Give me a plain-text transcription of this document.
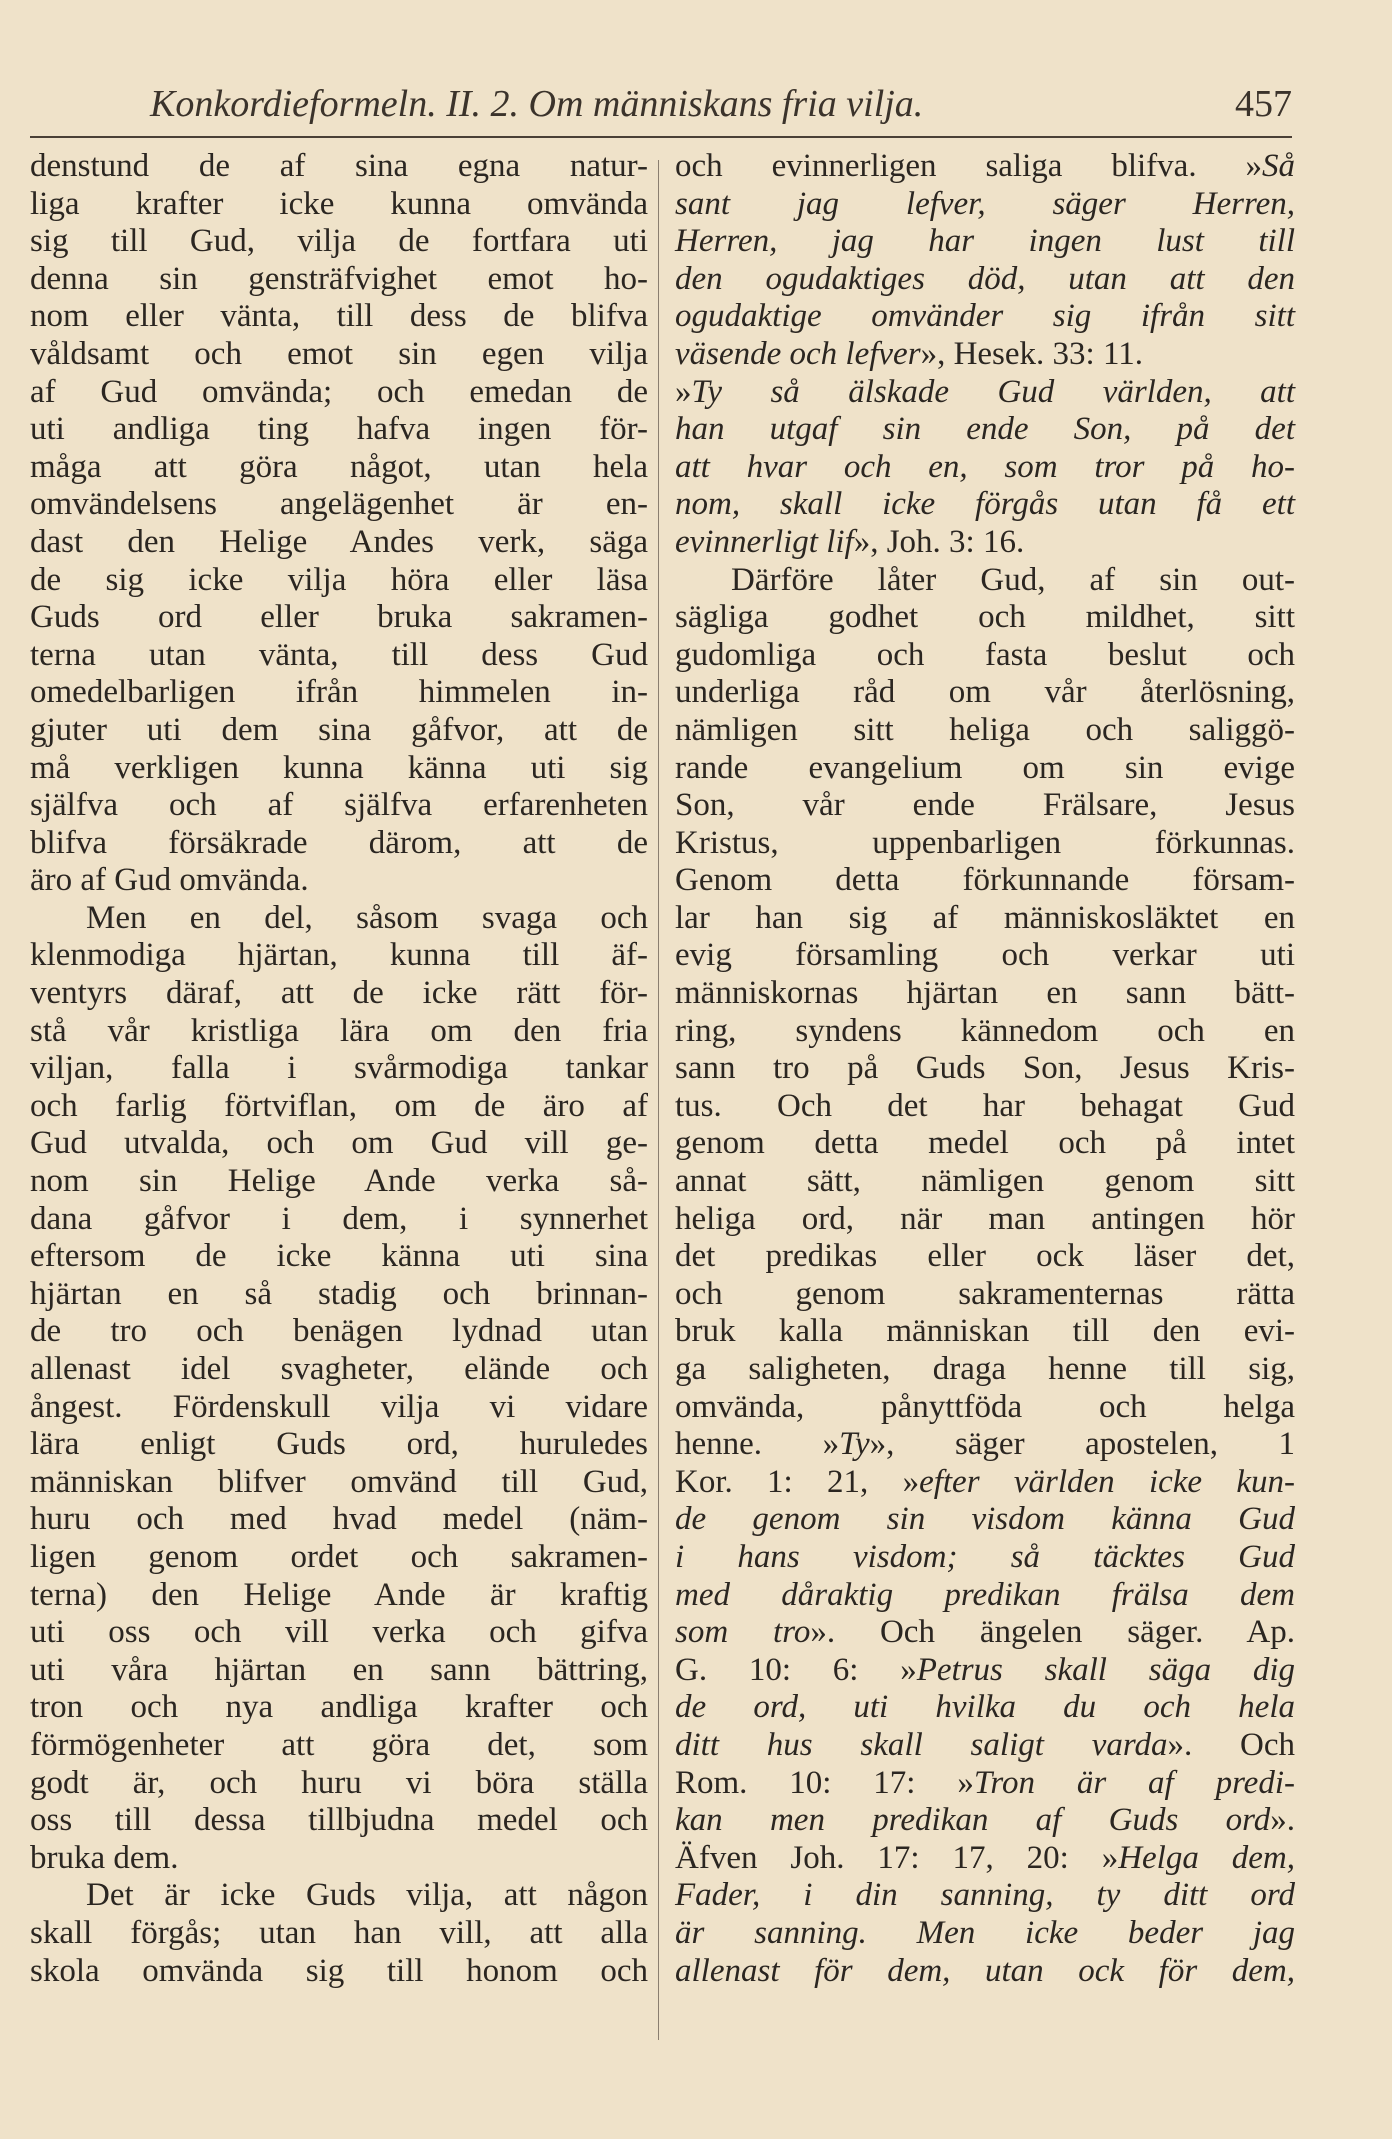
Konkordieformeln. II. 2. Om människans fria vilja.	457
denstund de af sina egna natur-
liga krafter icke kunna omvända
sig till Gud, vilja de fortfara uti
denna sin gensträfvighet emot ho-
nom eller vänta, till dess de blifva
våldsamt och emot sin egen vilja
af Gud omvända; och emedan de
uti andliga ting hafva ingen för-
måga att göra något, utan hela
omvändelsens angelägenhet är en-
dast den Helige Andes verk, säga
de sig icke vilja höra eller läsa
Guds ord eller bruka sakramen-
terna utan vänta, till dess Gud
omedelbarligen ifrån himmelen in-
gjuter uti dem sina gåfvor, att de
må verkligen kunna känna uti sig
själfva och af själfva erfarenheten
blifva försäkrade därom, att de
äro af Gud omvända.
Men en del, såsom svaga och
klenmodiga hjärtan, kunna till äf-
ventyrs däraf, att de icke rätt för-
stå vår kristliga lära om den fria
viljan, falla i svårmodiga tankar
och farlig förtviflan, om de äro af
Gud utvalda, och om Gud vill ge-
nom sin Helige Ande verka så-
dana gåfvor i dem, i synnerhet
eftersom de icke känna uti sina
hjärtan en så stadig och brinnan-
de tro och benägen lydnad utan
allenast idel svagheter, elände och
ångest. Fördenskull vilja vi vidare
lära enligt Guds ord, huruledes
människan blifver omvänd till Gud,
huru och med hvad medel (näm-
ligen genom ordet och sakramen-
terna) den Helige Ande är kraftig
uti oss och vill verka och gifva
uti våra hjärtan en sann bättring,
tron och nya andliga krafter och
förmögenheter att göra det, som
godt är, och huru vi böra ställa
oss till dessa tillbjudna medel och
bruka dem.
Det är icke Guds vilja, att någon
skall förgås; utan han vill, att alla
skola omvända sig till honom och
och evinnerligen saliga blifva. »Så
sant jag lefver, säger Herren,
Herren, jag har ingen lust till
den ogudaktiges död, utan att den
ogudaktige omvänder sig ifrån sitt
väsende och lefver», Hesek. 33: 11.
»Ty så älskade Gud världen, att
han utgaf sin ende Son, på det
att hvar och en, som tror på ho-
nom, skall icke förgås utan få ett
evinnerligt lif», Joh. 3: 16.
Därföre låter Gud, af sin out-
sägliga godhet och mildhet, sitt
gudomliga och fasta beslut och
underliga råd om vår återlösning,
nämligen sitt heliga och saliggö-
rande evangelium om sin evige
Son, vår ende Frälsare, Jesus
Kristus, uppenbarligen förkunnas.
Genom detta förkunnande försam-
lar han sig af människosläktet en
evig församling och verkar uti
människornas hjärtan en sann bätt-
ring, syndens kännedom och en
sann tro på Guds Son, Jesus Kris-
tus. Och det har behagat Gud
genom detta medel och på intet
annat sätt, nämligen genom sitt
heliga ord, när man antingen hör
det predikas eller ock läser det,
och genom sakramenternas rätta
bruk kalla människan till den evi-
ga saligheten, draga henne till sig,
omvända, pånyttföda och helga
henne. »Ty», säger apostelen, 1
Kor. 1: 21, »efter världen icke kun-
de genom sin visdom känna Gud
i hans visdom; så täcktes Gud
med dåraktig predikan frälsa dem
som tro». Och ängelen säger. Ap.
G. 10: 6: »Petrus skall säga dig
de ord, uti hvilka du och hela
ditt hus skall saligt varda». Och
Rom. 10: 17: »Tron är af predi-
kan men predikan af Guds ord».
Äfven Joh. 17: 17, 20: »Helga dem,
Fader, i din sanning, ty ditt ord
är sanning. Men icke beder jag
allenast för dem, utan ock för dem,
